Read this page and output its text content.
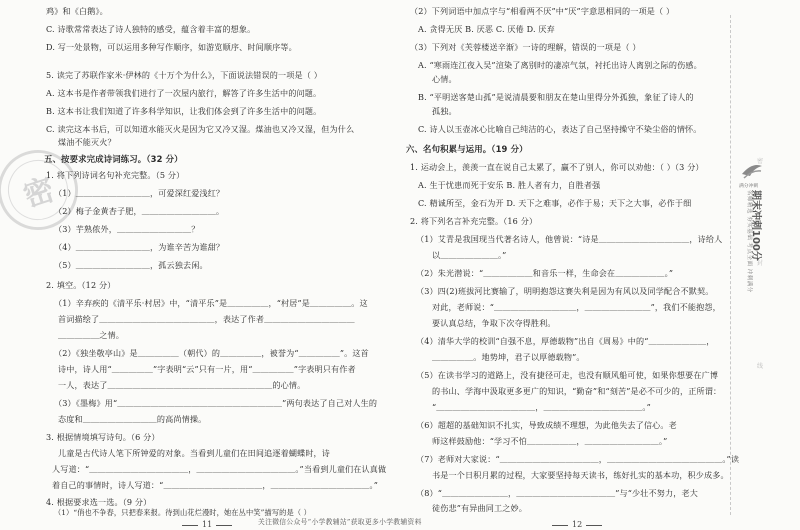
密
鸡》和《白鹅》。
C. 诗歌常常表达了诗人独特的感受，蕴含着丰富的想象。
D. 写一处景物，可以运用多种写作顺序，如游览顺序、时间顺序等。
5. 读完了苏联作家米·伊林的《十万个为什么》，下面说法错误的一项是（ ）
A. 这本书是作者带领我们进行了一次屋内旅行，解答了许多生活中的问题。
B. 这本书让我们知道了许多科学知识，让我们体会到了许多生活中的问题。
C. 读完这本书后，可以知道水能灭火是因为它又冷又湿。煤油也又冷又湿，但为什么
煤油不能灭火？
五、按要求完成诗词练习。（32 分）
1. 将下列诗词名句补充完整。（5 分）
（1）＿＿＿＿＿＿＿＿＿，可爱深红爱浅红？
（2）梅子金黄杏子肥，＿＿＿＿＿＿＿＿＿。
（3）芋熟侬外，＿＿＿＿＿＿＿＿＿？
（4）＿＿＿＿＿＿＿＿＿，为谁辛苦为谁甜？
（5）＿＿＿＿＿＿＿＿＿，孤云独去闲。
2. 填空。（12 分）
（1）辛弃疾的《清平乐·村居》中，“清平乐”是＿＿＿＿＿，“村居”是＿＿＿＿＿。这
首词描绘了＿＿＿＿＿＿＿＿＿＿＿＿＿＿，表达了作者＿＿＿＿＿＿＿＿＿＿＿
＿＿＿＿＿之情。
（2）《独坐敬亭山》是＿＿＿＿＿（朝代）的＿＿＿＿＿，被誉为“＿＿＿＿＿”。这首
诗中，诗人用“＿＿＿＿＿”字表明“云”只有一片，用“＿＿＿＿＿”字表明只有作者
一人，表达了＿＿＿＿＿＿＿＿＿＿＿＿＿＿＿＿＿＿＿＿的心情。
（3）《墨梅》用“＿＿＿＿＿＿＿＿＿＿＿＿＿＿＿＿＿＿＿＿”两句表达了自己对人生的
态度和＿＿＿＿＿＿＿＿＿的高尚情操。
3. 根据情境填写诗句。（6 分）
儿童是古代诗人笔下所钟爱的对象。当看到儿童们在田间追逐着蝴蝶时，诗
人写道：“＿＿＿＿＿＿＿＿＿＿＿＿，＿＿＿＿＿＿＿＿＿＿＿＿。”当看到儿童们在认真做
着自己的事情时，诗人写道：“＿＿＿＿＿＿＿＿＿＿＿＿，＿＿＿＿＿＿＿＿＿＿＿＿。”
4. 根据要求选一选。（9 分）
（1）“俏也不争春，只把春来报。待到山花烂漫时，她在丛中笑”描写的是（ ）
11
（2）下列词语中加点字与“相看两不厌”中“厌”字意思相同的一项是（ ）
A. 贪得无厌 B. 厌恶 C. 厌倦 D. 厌弃
（3）下列对《芙蓉楼送辛渐》一诗的理解，错误的一项是（ ）
A. “寒雨连江夜入吴”渲染了离别时的凄凉气氛，衬托出诗人离别之际的伤感。
心情。
B. “平明送客楚山孤”是说清晨要和朋友在楚山里得分外孤独，象征了诗人的
孤独。
C. 诗人以玉壶冰心比喻自己纯洁的心，表达了自己坚持操守不染尘俗的情怀。
六、名句积累与运用。（19 分）
1. 运动会上，羡羡一直在说自己太累了，赢不了别人，你可以劝他：（ ）（3 分）
A. 生于忧患而死于安乐 B. 胜人者有力，自胜者强
C. 精诚所至，金石为开 D. 天下之难事，必作于易；天下之大事，必作于细
2. 将下列名言补充完整。（16 分）
（1）艾青是我国现当代著名诗人，他曾说：“诗是＿＿＿＿＿＿＿＿＿＿＿，诗给人
以＿＿＿＿＿＿＿。”
（2）朱光潜说：“＿＿＿＿＿＿和音乐一样，生命会在＿＿＿＿＿＿。”
（3）四(2)班拔河比赛输了，明明抱怨这赛失利是因为有风以及同学配合不默契。
对此，老师说：“＿＿＿＿＿＿＿＿＿＿，＿＿＿＿＿＿＿＿”，我们不能抱怨，
要认真总结，争取下次夺得胜利。
（4）清华大学的校训“自强不息，厚德载物”出自《周易》中的“＿＿＿＿＿＿＿，
＿＿＿＿＿。地势坤，君子以厚德载物”。
（5）在读书学习的道路上，没有捷径可走，也没有顺风船可使，如果你想要在广博
的书山、学海中汲取更多更广的知识，“勤奋”和“刻苦”是必不可少的，正所谓：
“＿＿＿＿＿＿＿＿＿＿＿＿，＿＿＿＿＿＿＿＿＿＿＿＿。”
（6）超超的基础知识不扎实，导致成绩不理想，为此他失去了信心。老
师这样鼓励他：“学习不怕＿＿＿＿＿＿，＿＿＿＿＿＿＿＿＿。”
（7）老师对大家说：“＿＿＿＿＿＿＿＿＿＿＿＿，＿＿＿＿＿＿＿＿＿＿＿＿＿＿。”读
书是一个日积月累的过程，大家要坚持每天读书，练好扎实的基本功，积少成多。
（8）“＿＿＿＿＿＿＿＿，＿＿＿＿＿＿＿＿＿＿＿＿”与“少壮不努力，老大
徒伤悲”有异曲同工之妙。
12
关注微信公众号“小学教辅站”获取更多小学教辅资料
密
封
线
满分冲刺
期末冲刺100分
名师精选 夯实基础 考点全面 冲刺满分
